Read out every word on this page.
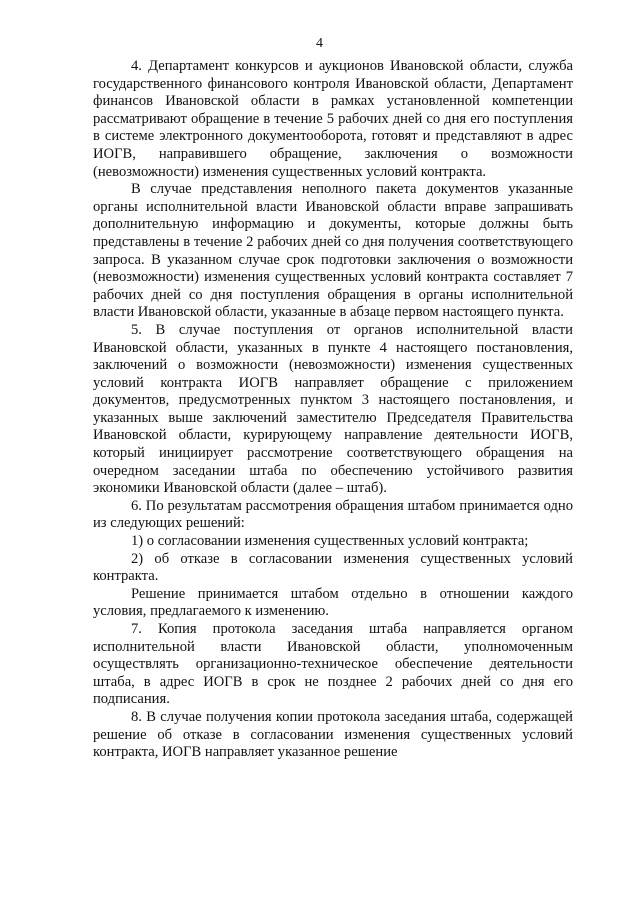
4

4. Департамент конкурсов и аукционов Ивановской области, служба государственного финансового контроля Ивановской области, Департамент финансов Ивановской области в рамках установленной компетенции рассматривают обращение в течение 5 рабочих дней со дня его поступления в системе электронного документооборота, готовят и представляют в адрес ИОГВ, направившего обращение, заключения о возможности (невозможности) изменения существенных условий контракта.

В случае представления неполного пакета документов указанные органы исполнительной власти Ивановской области вправе запрашивать дополнительную информацию и документы, которые должны быть представлены в течение 2 рабочих дней со дня получения соответствующего запроса. В указанном случае срок подготовки заключения о возможности (невозможности) изменения существенных условий контракта составляет 7 рабочих дней со дня поступления обращения в органы исполнительной власти Ивановской области, указанные в абзаце первом настоящего пункта.

5. В случае поступления от органов исполнительной власти Ивановской области, указанных в пункте 4 настоящего постановления, заключений о возможности (невозможности) изменения существенных условий контракта ИОГВ направляет обращение с приложением документов, предусмотренных пунктом 3 настоящего постановления, и указанных выше заключений заместителю Председателя Правительства Ивановской области, курирующему направление деятельности ИОГВ, который инициирует рассмотрение соответствующего обращения на очередном заседании штаба по обеспечению устойчивого развития экономики Ивановской области (далее – штаб).

6. По результатам рассмотрения обращения штабом принимается одно из следующих решений:

1) о согласовании изменения существенных условий контракта;

2) об отказе в согласовании изменения существенных условий контракта.

Решение принимается штабом отдельно в отношении каждого условия, предлагаемого к изменению.

7. Копия протокола заседания штаба направляется органом исполнительной власти Ивановской области, уполномоченным осуществлять организационно-техническое обеспечение деятельности штаба, в адрес ИОГВ в срок не позднее 2 рабочих дней со дня его подписания.

8. В случае получения копии протокола заседания штаба, содержащей решение об отказе в согласовании изменения существенных условий контракта, ИОГВ направляет указанное решение
